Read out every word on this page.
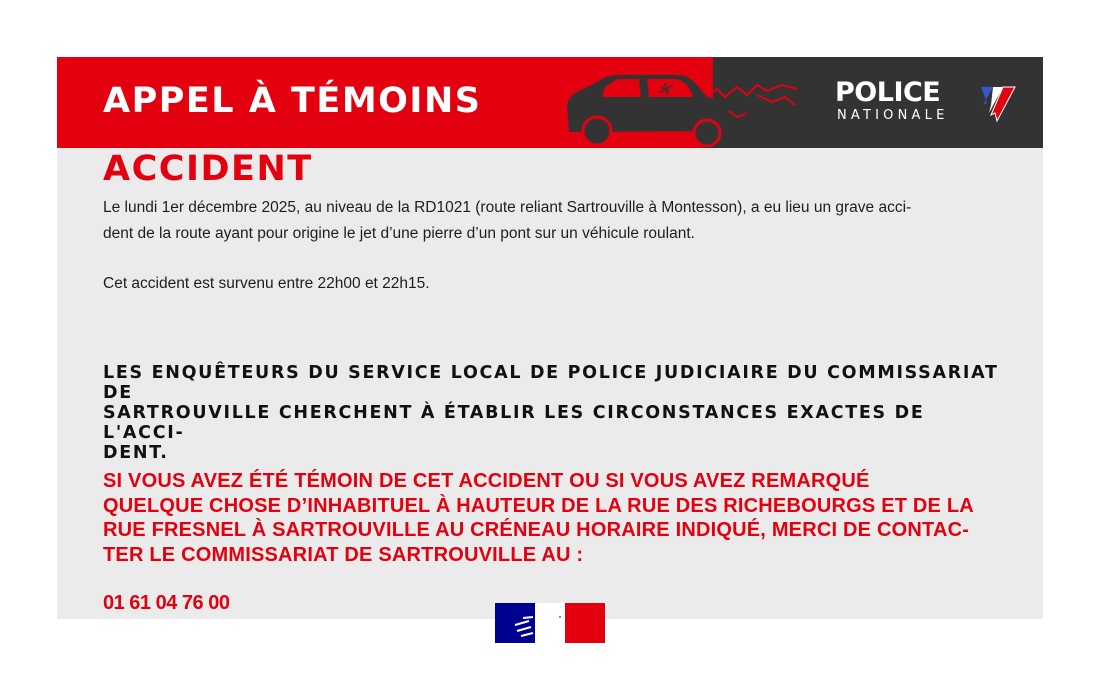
APPEL À TÉMOINS	POLICE
NATIONALE
ACCIDENT

Le lundi 1er décembre 2025, au niveau de la RD1021 (route reliant Sartrouville à Montesson), a eu lieu un grave acci-
dent de la route ayant pour origine le jet d’une pierre d’un pont sur un véhicule roulant.

Cet accident est survenu entre 22h00 et 22h15.

LES ENQUÊTEURS DU SERVICE LOCAL DE POLICE JUDICIAIRE DU COMMISSARIAT DE
SARTROUVILLE CHERCHENT À ÉTABLIR LES CIRCONSTANCES EXACTES DE L'ACCI-
DENT.

SI VOUS AVEZ ÉTÉ TÉMOIN DE CET ACCIDENT OU SI VOUS AVEZ REMARQUÉ
QUELQUE CHOSE D’INHABITUEL À HAUTEUR DE LA RUE DES RICHEBOURGS ET DE LA
RUE FRESNEL À SARTROUVILLE AU CRÉNEAU HORAIRE INDIQUÉ, MERCI DE CONTAC-
TER LE COMMISSARIAT DE SARTROUVILLE AU :

01 61 04 76 00
